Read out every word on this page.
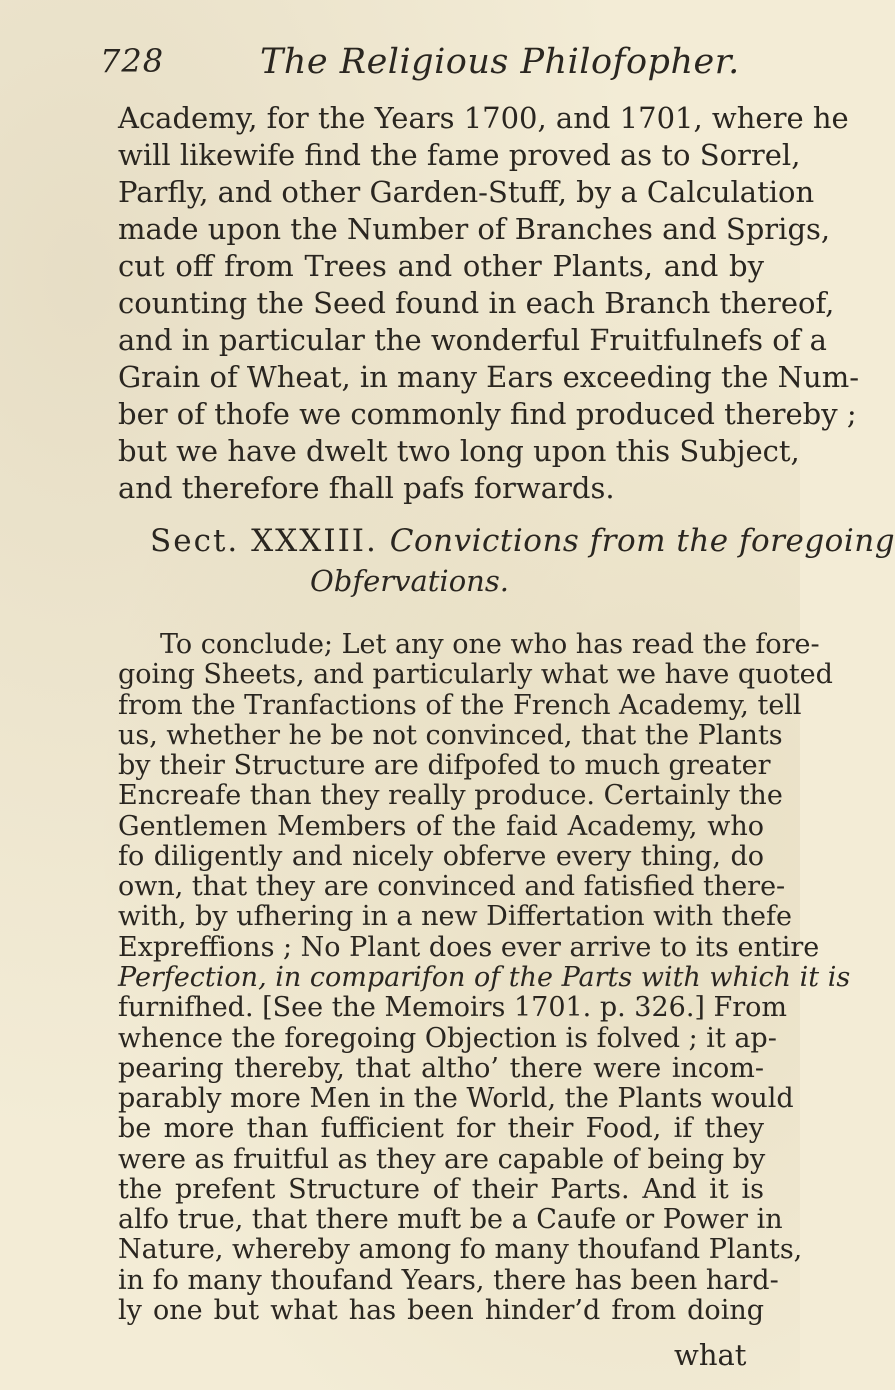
728	The Religious Philofopher.
Academy, for the Years 1700, and 1701, where he
will likewife find the fame proved as to Sorrel,
Parfly, and other Garden-Stuff, by a Calculation
made upon the Number of Branches and Sprigs,
cut off from Trees and other Plants, and by
counting the Seed found in each Branch thereof,
and in particular the wonderful Fruitfulnefs of a
Grain of Wheat, in many Ears exceeding the Num-
ber of thofe we commonly find produced thereby ;
but we have dwelt two long upon this Subject,
and therefore fhall pafs forwards.
Sect. XXXIII. Convictions from the foregoing
Obfervations.
To conclude; Let any one who has read the fore-
going Sheets, and particularly what we have quoted
from the Tranfactions of the French Academy, tell
us, whether he be not convinced, that the Plants
by their Structure are difpofed to much greater
Encreafe than they really produce. Certainly the
Gentlemen Members of the faid Academy, who
fo diligently and nicely obferve every thing, do
own, that they are convinced and fatisfied there-
with, by ufhering in a new Differtation with thefe
Expreffions ; No Plant does ever arrive to its entire
Perfection, in comparifon of the Parts with which it is
furnifhed. [See the Memoirs 1701. p. 326.] From
whence the foregoing Objection is folved ; it ap-
pearing thereby, that altho’ there were incom-
parably more Men in the World, the Plants would
be more than fufficient for their Food, if they
were as fruitful as they are capable of being by
the prefent Structure of their Parts. And it is
alfo true, that there muft be a Caufe or Power in
Nature, whereby among fo many thoufand Plants,
in fo many thoufand Years, there has been hard-
ly one but what has been hinder’d from doing
what
